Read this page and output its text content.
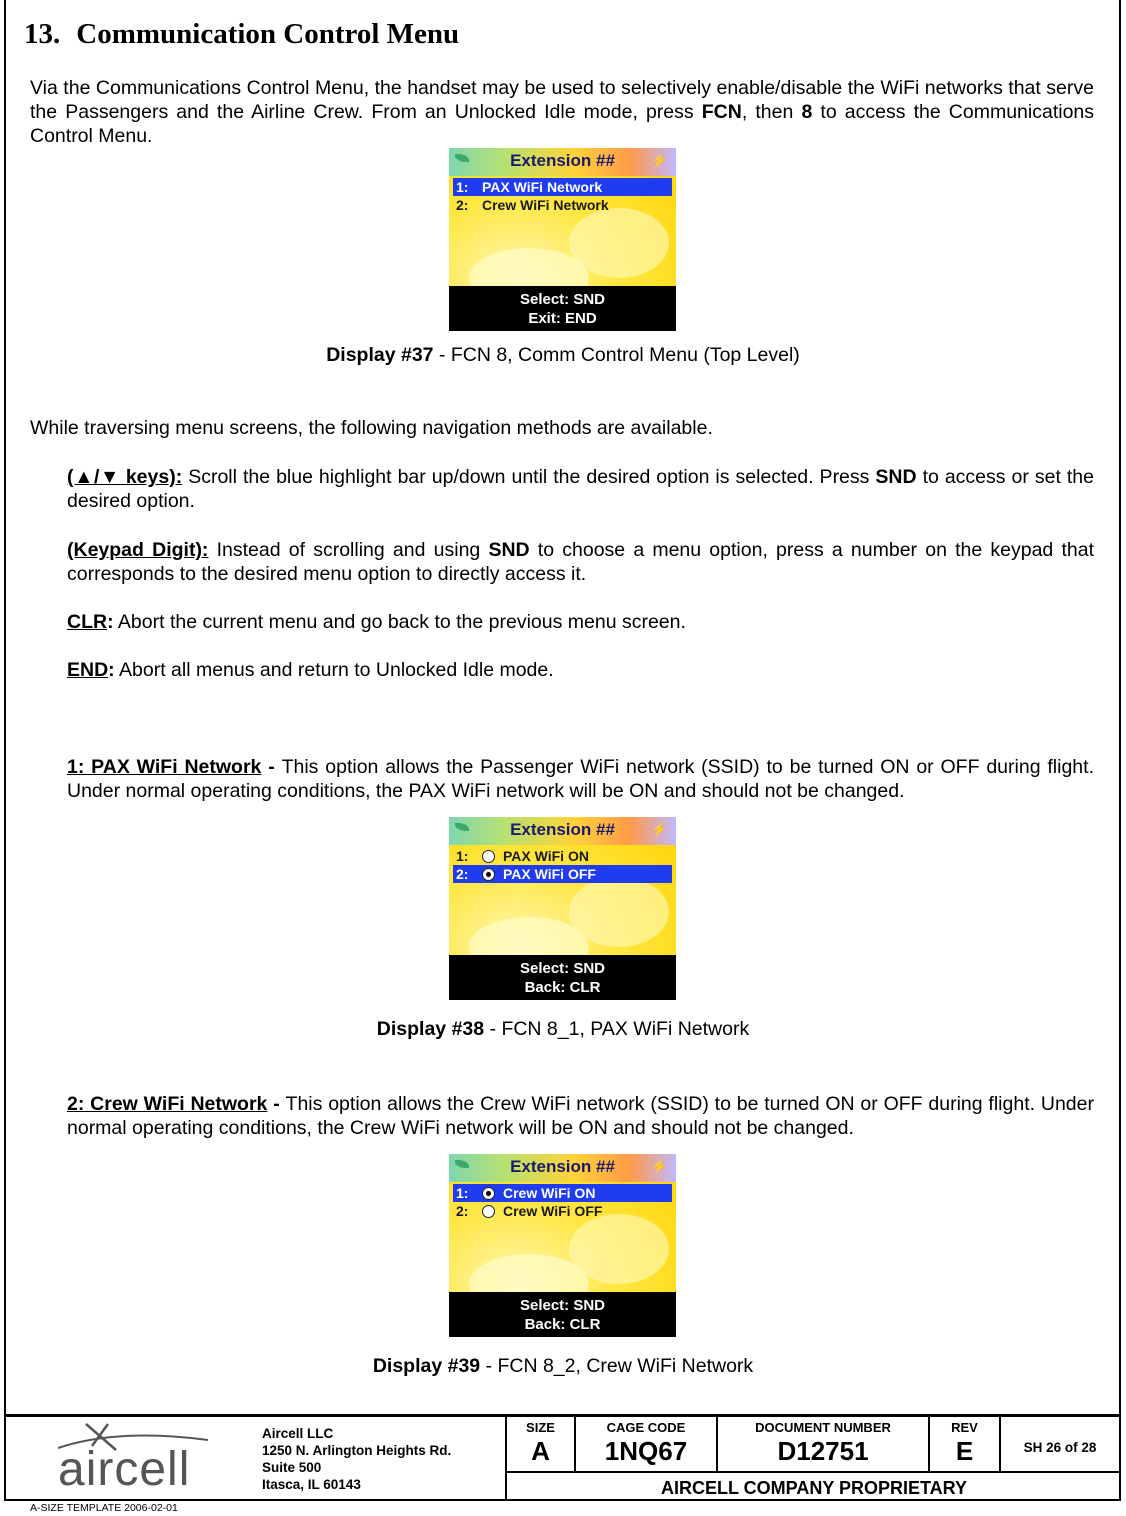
13. Communication Control Menu

Via the Communications Control Menu, the handset may be used to selectively enable/disable the WiFi networks that serve the Passengers and the Airline Crew. From an Unlocked Idle mode, press FCN, then 8 to access the Communications Control Menu.

⚡
Extension ##
1: PAX WiFi Network
2: Crew WiFi Network
Select: SND
Exit: END

Display #37 - FCN 8, Comm Control Menu (Top Level)

While traversing menu screens, the following navigation methods are available.

(▲/▼ keys): Scroll the blue highlight bar up/down until the desired option is selected. Press SND to access or set the desired option.

(Keypad Digit): Instead of scrolling and using SND to choose a menu option, press a number on the keypad that corresponds to the desired menu option to directly access it.

CLR: Abort the current menu and go back to the previous menu screen.

END: Abort all menus and return to Unlocked Idle mode.

1: PAX WiFi Network - This option allows the Passenger WiFi network (SSID) to be turned ON or OFF during flight. Under normal operating conditions, the PAX WiFi network will be ON and should not be changed.

⚡
Extension ##
1: PAX WiFi ON
2: PAX WiFi OFF
Select: SND
Back: CLR

Display #38 - FCN 8_1, PAX WiFi Network

2: Crew WiFi Network - This option allows the Crew WiFi network (SSID) to be turned ON or OFF during flight. Under normal operating conditions, the Crew WiFi network will be ON and should not be changed.

⚡
Extension ##
1: Crew WiFi ON
2: Crew WiFi OFF
Select: SND
Back: CLR

Display #39 - FCN 8_2, Crew WiFi Network

aircell
Aircell LLC
1250 N. Arlington Heights Rd.
Suite 500
Itasca, IL 60143
SIZE
A
CAGE CODE
1NQ67
DOCUMENT NUMBER
D12751
REV
E	SH 26 of 28
AIRCELL COMPANY PROPRIETARY
A-SIZE TEMPLATE 2006-02-01
